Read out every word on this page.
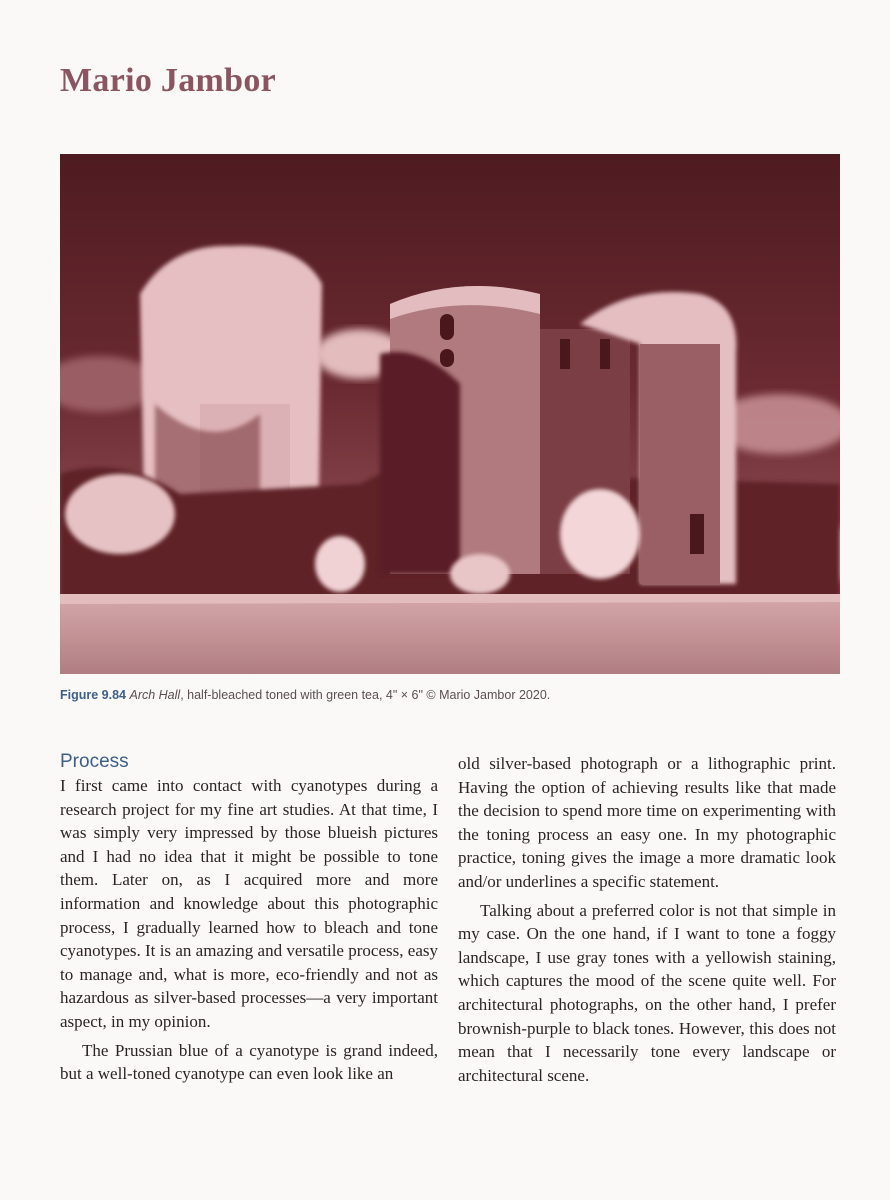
Mario Jambor
Figure 9.84 Arch Hall, half-bleached toned with green tea, 4" × 6" © Mario Jambor 2020.
Process

I first came into contact with cyanotypes during a research project for my fine art studies. At that time, I was simply very impressed by those blueish pictures and I had no idea that it might be possible to tone them. Later on, as I acquired more and more information and knowledge about this photographic process, I gradually learned how to bleach and tone cyanotypes. It is an amazing and versatile process, easy to manage and, what is more, eco-friendly and not as hazardous as silver-based processes—a very important aspect, in my opinion.

The Prussian blue of a cyanotype is grand indeed, but a well-toned cyanotype can even look like an

old silver-based photograph or a lithographic print. Having the option of achieving results like that made the decision to spend more time on experimenting with the toning process an easy one. In my photographic practice, toning gives the image a more dramatic look and/or underlines a specific statement.

Talking about a preferred color is not that simple in my case. On the one hand, if I want to tone a foggy landscape, I use gray tones with a yellowish staining, which captures the mood of the scene quite well. For architectural photographs, on the other hand, I prefer brownish-purple to black tones. However, this does not mean that I necessarily tone every landscape or architectural scene.
